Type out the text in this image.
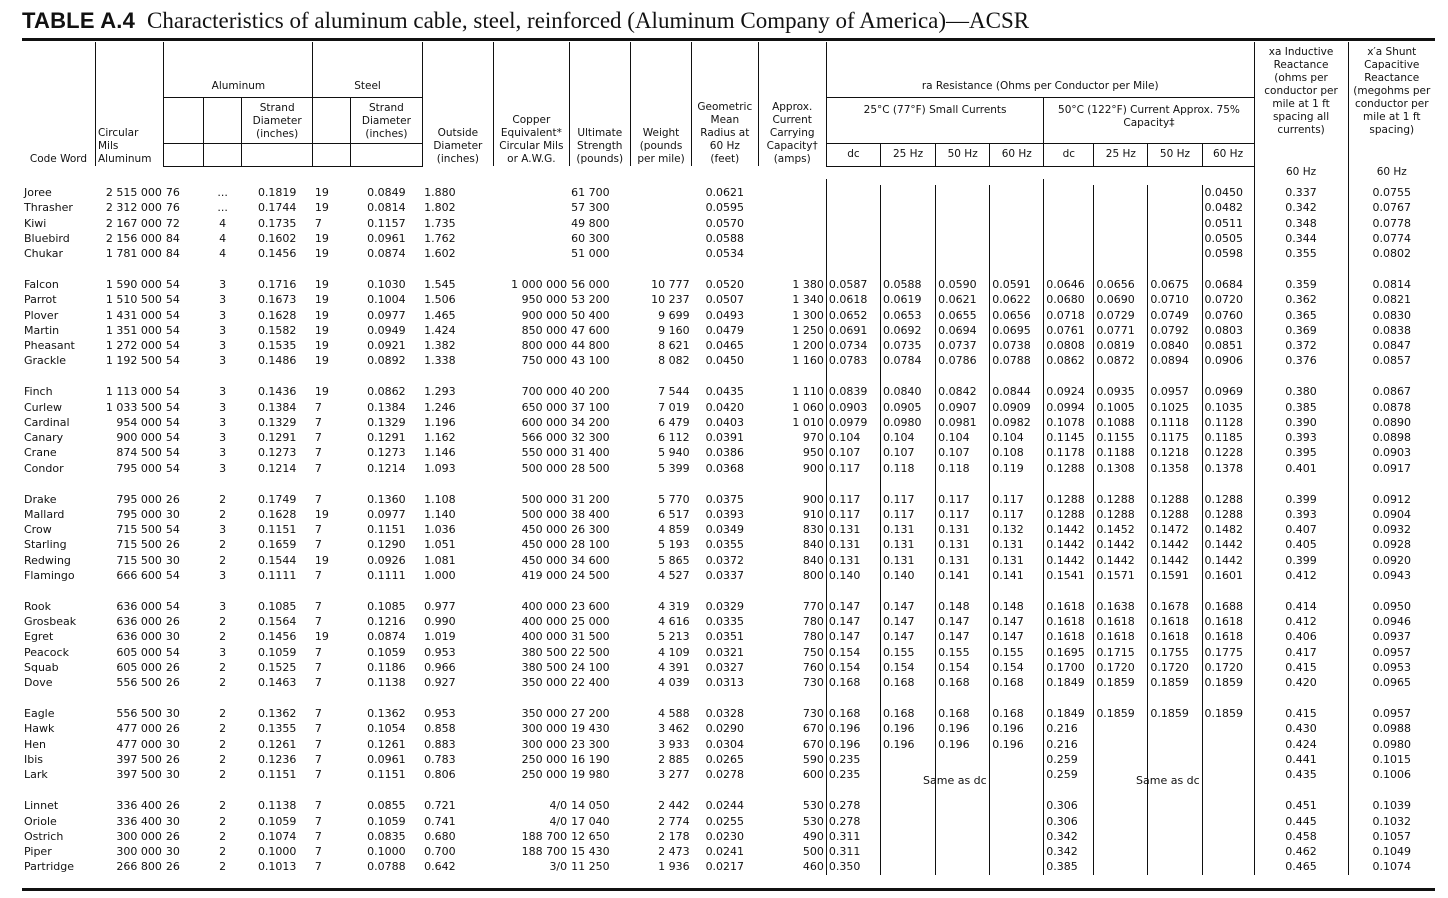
TABLE A.4 Characteristics of aluminum cable, steel, reinforced (Aluminum Company of America)—ACSR
Code Word	Circular Mils Aluminum	Aluminum			Steel		Outside Diameter (inches)	Copper Equivalent* Circular Mils or A.W.G.	Ultimate Strength (pounds)	Weight (pounds per mile)	Geometric Mean Radius at 60 Hz (feet)	Approx. Current Carrying Capacity† (amps)	ra Resistance (Ohms per Conductor per Mile)								xa Inductive Reactance (ohms per conductor per mile at 1 ft spacing all currents)	x′a Shunt Capacitive Reactance (megohms per conductor per mile at 1 ft spacing)
				Strand Diameter (inches)		Strand Diameter (inches)							25°C (77°F) Small Currents				50°C (122°F) Current Approx. 75% Capacity‡					
													dc	25 Hz	50 Hz	60 Hz	dc	25 Hz	50 Hz	60 Hz		
																					60 Hz	60 Hz

Joree	2 515 000	76	...	0.1819	19	0.0849	1.880		61 700		0.0621									0.0450	0.337	0.0755
Thrasher	2 312 000	76	...	0.1744	19	0.0814	1.802		57 300		0.0595									0.0482	0.342	0.0767
Kiwi	2 167 000	72	4	0.1735	7	0.1157	1.735		49 800		0.0570									0.0511	0.348	0.0778
Bluebird	2 156 000	84	4	0.1602	19	0.0961	1.762		60 300		0.0588									0.0505	0.344	0.0774
Chukar	1 781 000	84	4	0.1456	19	0.0874	1.602		51 000		0.0534									0.0598	0.355	0.0802

Falcon	1 590 000	54	3	0.1716	19	0.1030	1.545	1 000 000	56 000	10 777	0.0520	1 380	0.0587	0.0588	0.0590	0.0591	0.0646	0.0656	0.0675	0.0684	0.359	0.0814
Parrot	1 510 500	54	3	0.1673	19	0.1004	1.506	950 000	53 200	10 237	0.0507	1 340	0.0618	0.0619	0.0621	0.0622	0.0680	0.0690	0.0710	0.0720	0.362	0.0821
Plover	1 431 000	54	3	0.1628	19	0.0977	1.465	900 000	50 400	9 699	0.0493	1 300	0.0652	0.0653	0.0655	0.0656	0.0718	0.0729	0.0749	0.0760	0.365	0.0830
Martin	1 351 000	54	3	0.1582	19	0.0949	1.424	850 000	47 600	9 160	0.0479	1 250	0.0691	0.0692	0.0694	0.0695	0.0761	0.0771	0.0792	0.0803	0.369	0.0838
Pheasant	1 272 000	54	3	0.1535	19	0.0921	1.382	800 000	44 800	8 621	0.0465	1 200	0.0734	0.0735	0.0737	0.0738	0.0808	0.0819	0.0840	0.0851	0.372	0.0847
Grackle	1 192 500	54	3	0.1486	19	0.0892	1.338	750 000	43 100	8 082	0.0450	1 160	0.0783	0.0784	0.0786	0.0788	0.0862	0.0872	0.0894	0.0906	0.376	0.0857

Finch	1 113 000	54	3	0.1436	19	0.0862	1.293	700 000	40 200	7 544	0.0435	1 110	0.0839	0.0840	0.0842	0.0844	0.0924	0.0935	0.0957	0.0969	0.380	0.0867
Curlew	1 033 500	54	3	0.1384	7	0.1384	1.246	650 000	37 100	7 019	0.0420	1 060	0.0903	0.0905	0.0907	0.0909	0.0994	0.1005	0.1025	0.1035	0.385	0.0878
Cardinal	954 000	54	3	0.1329	7	0.1329	1.196	600 000	34 200	6 479	0.0403	1 010	0.0979	0.0980	0.0981	0.0982	0.1078	0.1088	0.1118	0.1128	0.390	0.0890
Canary	900 000	54	3	0.1291	7	0.1291	1.162	566 000	32 300	6 112	0.0391	970	0.104	0.104	0.104	0.104	0.1145	0.1155	0.1175	0.1185	0.393	0.0898
Crane	874 500	54	3	0.1273	7	0.1273	1.146	550 000	31 400	5 940	0.0386	950	0.107	0.107	0.107	0.108	0.1178	0.1188	0.1218	0.1228	0.395	0.0903
Condor	795 000	54	3	0.1214	7	0.1214	1.093	500 000	28 500	5 399	0.0368	900	0.117	0.118	0.118	0.119	0.1288	0.1308	0.1358	0.1378	0.401	0.0917

Drake	795 000	26	2	0.1749	7	0.1360	1.108	500 000	31 200	5 770	0.0375	900	0.117	0.117	0.117	0.117	0.1288	0.1288	0.1288	0.1288	0.399	0.0912
Mallard	795 000	30	2	0.1628	19	0.0977	1.140	500 000	38 400	6 517	0.0393	910	0.117	0.117	0.117	0.117	0.1288	0.1288	0.1288	0.1288	0.393	0.0904
Crow	715 500	54	3	0.1151	7	0.1151	1.036	450 000	26 300	4 859	0.0349	830	0.131	0.131	0.131	0.132	0.1442	0.1452	0.1472	0.1482	0.407	0.0932
Starling	715 500	26	2	0.1659	7	0.1290	1.051	450 000	28 100	5 193	0.0355	840	0.131	0.131	0.131	0.131	0.1442	0.1442	0.1442	0.1442	0.405	0.0928
Redwing	715 500	30	2	0.1544	19	0.0926	1.081	450 000	34 600	5 865	0.0372	840	0.131	0.131	0.131	0.131	0.1442	0.1442	0.1442	0.1442	0.399	0.0920
Flamingo	666 600	54	3	0.1111	7	0.1111	1.000	419 000	24 500	4 527	0.0337	800	0.140	0.140	0.141	0.141	0.1541	0.1571	0.1591	0.1601	0.412	0.0943

Rook	636 000	54	3	0.1085	7	0.1085	0.977	400 000	23 600	4 319	0.0329	770	0.147	0.147	0.148	0.148	0.1618	0.1638	0.1678	0.1688	0.414	0.0950
Grosbeak	636 000	26	2	0.1564	7	0.1216	0.990	400 000	25 000	4 616	0.0335	780	0.147	0.147	0.147	0.147	0.1618	0.1618	0.1618	0.1618	0.412	0.0946
Egret	636 000	30	2	0.1456	19	0.0874	1.019	400 000	31 500	5 213	0.0351	780	0.147	0.147	0.147	0.147	0.1618	0.1618	0.1618	0.1618	0.406	0.0937
Peacock	605 000	54	3	0.1059	7	0.1059	0.953	380 500	22 500	4 109	0.0321	750	0.154	0.155	0.155	0.155	0.1695	0.1715	0.1755	0.1775	0.417	0.0957
Squab	605 000	26	2	0.1525	7	0.1186	0.966	380 500	24 100	4 391	0.0327	760	0.154	0.154	0.154	0.154	0.1700	0.1720	0.1720	0.1720	0.415	0.0953
Dove	556 500	26	2	0.1463	7	0.1138	0.927	350 000	22 400	4 039	0.0313	730	0.168	0.168	0.168	0.168	0.1849	0.1859	0.1859	0.1859	0.420	0.0965

Eagle	556 500	30	2	0.1362	7	0.1362	0.953	350 000	27 200	4 588	0.0328	730	0.168	0.168	0.168	0.168	0.1849	0.1859	0.1859	0.1859	0.415	0.0957
Hawk	477 000	26	2	0.1355	7	0.1054	0.858	300 000	19 430	3 462	0.0290	670	0.196	0.196	0.196	0.196	0.216				0.430	0.0988
Hen	477 000	30	2	0.1261	7	0.1261	0.883	300 000	23 300	3 933	0.0304	670	0.196	0.196	0.196	0.196	0.216				0.424	0.0980
Ibis	397 500	26	2	0.1236	7	0.0961	0.783	250 000	16 190	2 885	0.0265	590	0.235				0.259				0.441	0.1015
Lark	397 500	30	2	0.1151	7	0.1151	0.806	250 000	19 980	3 277	0.0278	600	0.235				0.259				0.435	0.1006

Linnet	336 400	26	2	0.1138	7	0.0855	0.721	4/0	14 050	2 442	0.0244	530	0.278				0.306				0.451	0.1039
Oriole	336 400	30	2	0.1059	7	0.1059	0.741	4/0	17 040	2 774	0.0255	530	0.278				0.306				0.445	0.1032
Ostrich	300 000	26	2	0.1074	7	0.0835	0.680	188 700	12 650	2 178	0.0230	490	0.311				0.342				0.458	0.1057
Piper	300 000	30	2	0.1000	7	0.1000	0.700	188 700	15 430	2 473	0.0241	500	0.311				0.342				0.462	0.1049
Partridge	266 800	26	2	0.1013	7	0.0788	0.642	3/0	11 250	1 936	0.0217	460	0.350				0.385				0.465	0.1074
Same as dc	Same as dc
